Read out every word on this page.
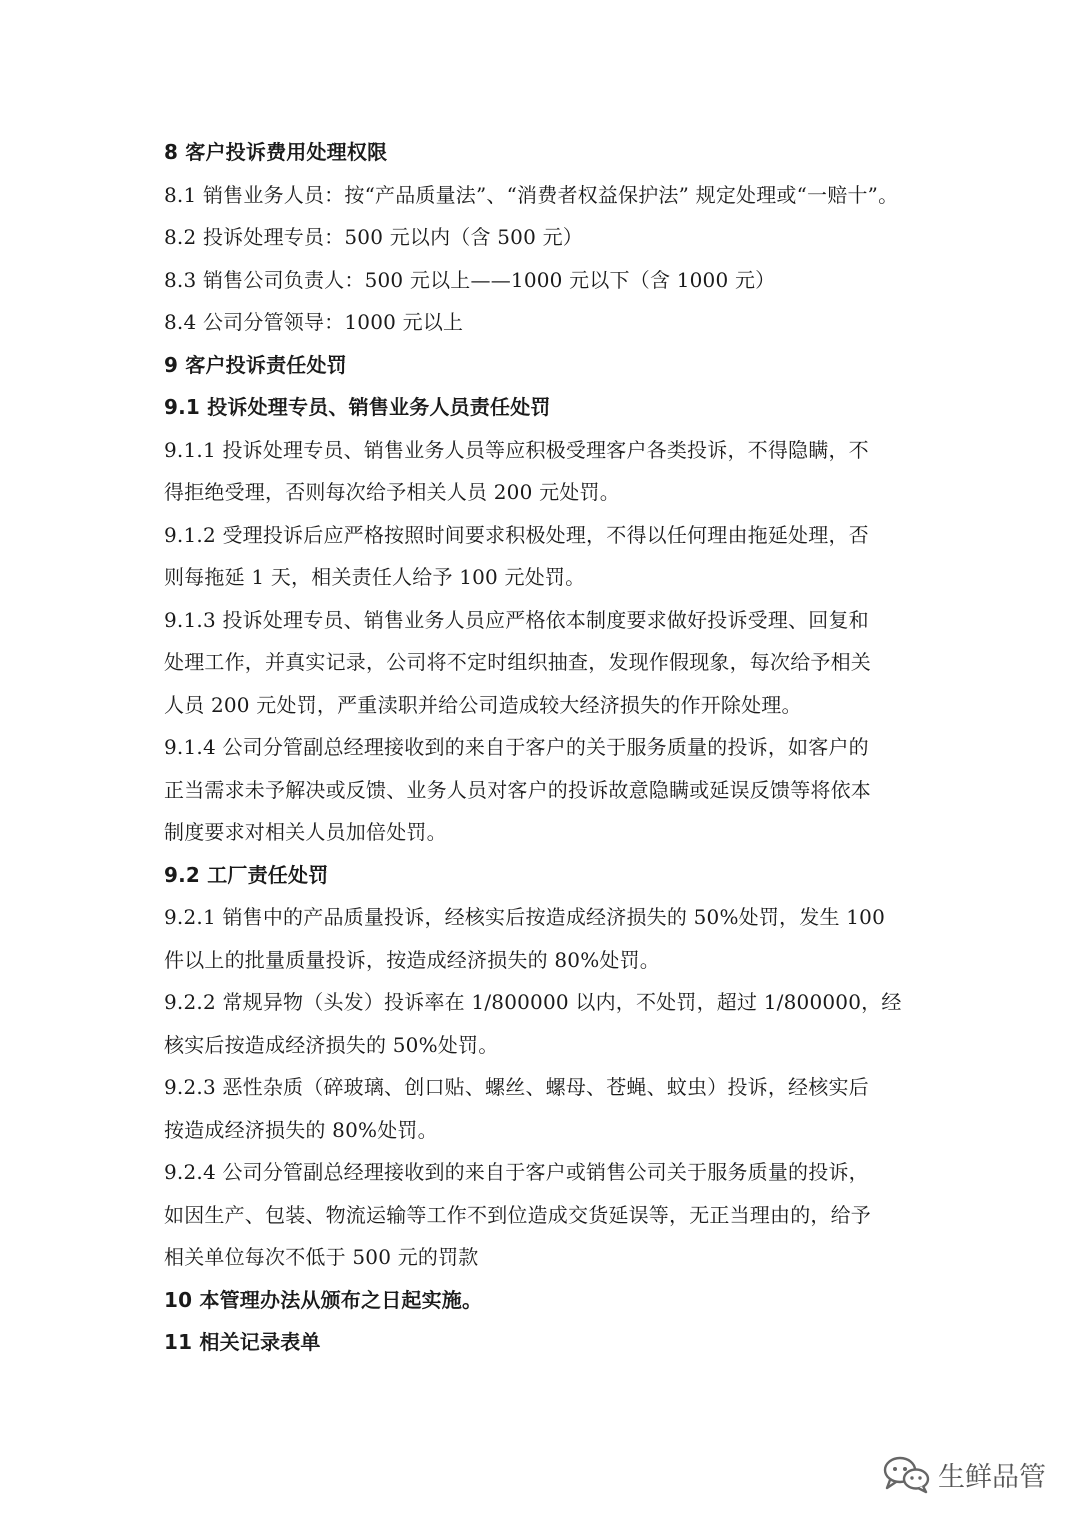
8 客户投诉费用处理权限
8.1 销售业务人员：按“产品质量法”、“消费者权益保护法” 规定处理或“一赔十”。
8.2 投诉处理专员：500 元以内（含 500 元）
8.3 销售公司负责人：500 元以上——1000 元以下（含 1000 元）
8.4 公司分管领导：1000 元以上
9 客户投诉责任处罚
9.1 投诉处理专员、销售业务人员责任处罚
9.1.1 投诉处理专员、销售业务人员等应积极受理客户各类投诉，不得隐瞒，不
得拒绝受理，否则每次给予相关人员 200 元处罚。
9.1.2 受理投诉后应严格按照时间要求积极处理，不得以任何理由拖延处理，否
则每拖延 1 天，相关责任人给予 100 元处罚。
9.1.3 投诉处理专员、销售业务人员应严格依本制度要求做好投诉受理、回复和
处理工作，并真实记录，公司将不定时组织抽查，发现作假现象，每次给予相关
人员 200 元处罚，严重渎职并给公司造成较大经济损失的作开除处理。
9.1.4 公司分管副总经理接收到的来自于客户的关于服务质量的投诉，如客户的
正当需求未予解决或反馈、业务人员对客户的投诉故意隐瞒或延误反馈等将依本
制度要求对相关人员加倍处罚。
9.2 工厂责任处罚
9.2.1 销售中的产品质量投诉，经核实后按造成经济损失的 50%处罚，发生 100
件以上的批量质量投诉，按造成经济损失的 80%处罚。
9.2.2 常规异物（头发）投诉率在 1/800000 以内，不处罚，超过 1/800000，经
核实后按造成经济损失的 50%处罚。
9.2.3 恶性杂质（碎玻璃、创口贴、螺丝、螺母、苍蝇、蚊虫）投诉，经核实后
按造成经济损失的 80%处罚。
9.2.4 公司分管副总经理接收到的来自于客户或销售公司关于服务质量的投诉，
如因生产、包装、物流运输等工作不到位造成交货延误等，无正当理由的，给予
相关单位每次不低于 500 元的罚款
10 本管理办法从颁布之日起实施。
11 相关记录表单
生鲜品管
